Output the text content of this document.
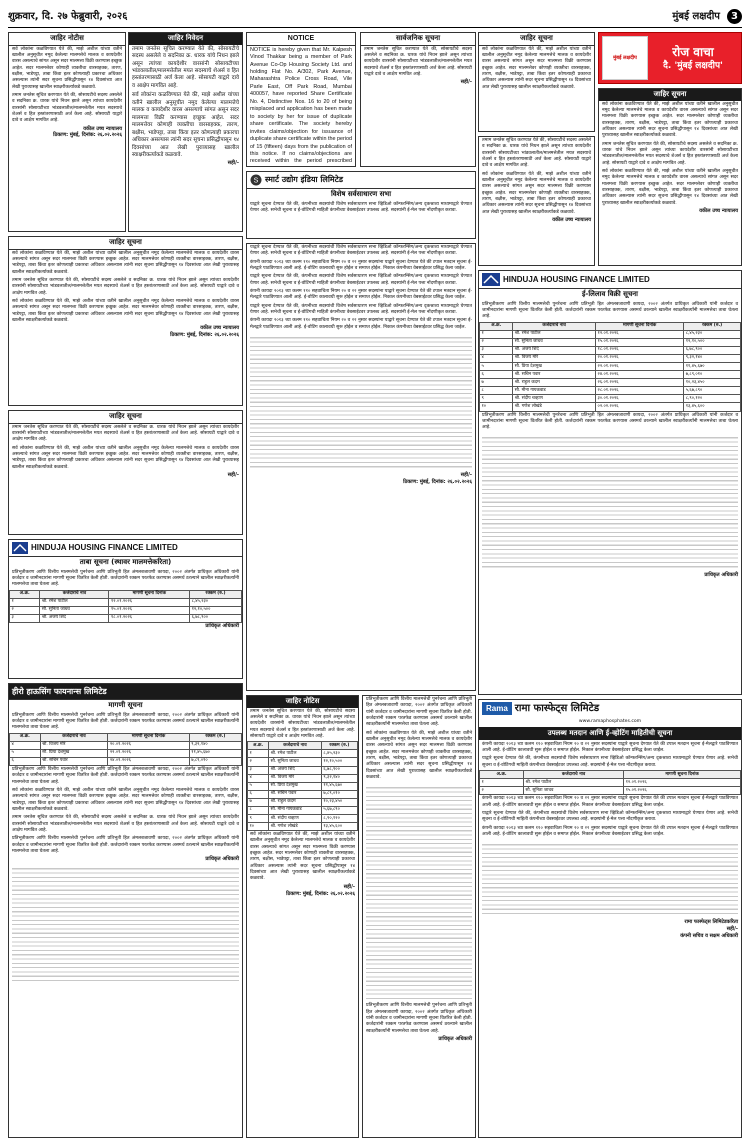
शुक्रवार, दि. २७ फेब्रुवारी, २०२६	मुंबई लक्षदीप	3
जाहिर नोटीस
सर्व लोकांना कळविण्यात येते की, माझे अशील यांच्या वतीने खालील अनुसूचीत नमूद केलेल्या मालमत्तेचे मालक व कायदेशीर वारस असल्याचे सांगत असून सदर मालमत्ता विक्री करण्यास इच्छुक आहेत. सदर मालमत्तेवर कोणाही व्यक्तीचा वारसाहक्क, तारण, बक्षीस, भाडेपट्टा, ताबा किंवा इतर कोणत्याही प्रकारचा अधिकार असल्यास त्यांनी सदर सूचना प्रसिद्धीपासून १४ दिवसांच्या आत लेखी पुराव्यासह खालील स्वाक्षरीकर्त्याकडे कळवावे.
तमाम जनतेस सूचित करण्यात येते की, सोसायटीचे सदस्य असलेले व सदनिका क्र. धारक यांचे निधन झाले असून त्यांच्या कायदेशीर वारसांनी सोसायटीच्या भांडवलातील/मालमत्तेतील मयत सदस्याचे शेअर्स व हित हस्तांतरणासाठी अर्ज केला आहे. सोसायटी याद्वारे दावे व आक्षेप मागवित आहे.
वकील उच्च न्यायालय
ठिकाण: मुंबई, दिनांक: २६.०२.२०२६
जाहिर सूचना
सर्व लोकांना कळविण्यात येते की, माझे अशील यांच्या वतीने खालील अनुसूचीत नमूद केलेल्या मालमत्तेचे मालक व कायदेशीर वारस असल्याचे सांगत असून सदर मालमत्ता विक्री करण्यास इच्छुक आहेत. सदर मालमत्तेवर कोणाही व्यक्तीचा वारसाहक्क, तारण, बक्षीस, भाडेपट्टा, ताबा किंवा इतर कोणत्याही प्रकारचा अधिकार असल्यास त्यांनी सदर सूचना प्रसिद्धीपासून १४ दिवसांच्या आत लेखी पुराव्यासह खालील स्वाक्षरीकर्त्याकडे कळवावे.
तमाम जनतेस सूचित करण्यात येते की, सोसायटीचे सदस्य असलेले व सदनिका क्र. धारक यांचे निधन झाले असून त्यांच्या कायदेशीर वारसांनी सोसायटीच्या भांडवलातील/मालमत्तेतील मयत सदस्याचे शेअर्स व हित हस्तांतरणासाठी अर्ज केला आहे. सोसायटी याद्वारे दावे व आक्षेप मागवित आहे.
सर्व लोकांना कळविण्यात येते की, माझे अशील यांच्या वतीने खालील अनुसूचीत नमूद केलेल्या मालमत्तेचे मालक व कायदेशीर वारस असल्याचे सांगत असून सदर मालमत्ता विक्री करण्यास इच्छुक आहेत. सदर मालमत्तेवर कोणाही व्यक्तीचा वारसाहक्क, तारण, बक्षीस, भाडेपट्टा, ताबा किंवा इतर कोणत्याही प्रकारचा अधिकार असल्यास त्यांनी सदर सूचना प्रसिद्धीपासून १४ दिवसांच्या आत लेखी पुराव्यासह खालील स्वाक्षरीकर्त्याकडे कळवावे.
वकील उच्च न्यायालय
ठिकाण: मुंबई, दिनांक: २६.०२.२०२६
जाहिर सूचना
तमाम जनतेस सूचित करण्यात येते की, सोसायटीचे सदस्य असलेले व सदनिका क्र. धारक यांचे निधन झाले असून त्यांच्या कायदेशीर वारसांनी सोसायटीच्या भांडवलातील/मालमत्तेतील मयत सदस्याचे शेअर्स व हित हस्तांतरणासाठी अर्ज केला आहे. सोसायटी याद्वारे दावे व आक्षेप मागवित आहे.
सर्व लोकांना कळविण्यात येते की, माझे अशील यांच्या वतीने खालील अनुसूचीत नमूद केलेल्या मालमत्तेचे मालक व कायदेशीर वारस असल्याचे सांगत असून सदर मालमत्ता विक्री करण्यास इच्छुक आहेत. सदर मालमत्तेवर कोणाही व्यक्तीचा वारसाहक्क, तारण, बक्षीस, भाडेपट्टा, ताबा किंवा इतर कोणत्याही प्रकारचा अधिकार असल्यास त्यांनी सदर सूचना प्रसिद्धीपासून १४ दिवसांच्या आत लेखी पुराव्यासह खालील स्वाक्षरीकर्त्याकडे कळवावे.
सही/-
HINDUJA HOUSING FINANCE LIMITED
ताबा सूचना (स्थावर मालमत्तेकरिता)
प्रतिभूतीकरण आणि वित्तीय मालमत्तेची पुनर्रचना आणि प्रतिभूती हित अंमलबजावणी कायदा, २००२ अंतर्गत प्राधिकृत अधिकारी यांनी कर्जदार व जामीनदारांना मागणी सूचना वितरित केली होती. कर्जदारांनी रक्कम परतफेड करण्यास असमर्थ ठरल्याने खालील स्वाक्षरीकर्त्यांनी मालमत्तेचा ताबा घेतला आहे.
अ.क्र.	कर्जदाराचे नाव	मागणी सूचना दिनांक	रक्कम (रु.)
१	श्री. रमेश पाटील	१२.०१.२०२६	८,४५,२३०
२	सौ. सुनिता जाधव	१५.०१.२०२६	१२,१०,५००
३	श्री. अजय शिंदे	१८.०१.२०२६	६,७८,९००
प्राधिकृत अधिकारी
हीरो हाऊसिंग फायनान्स लिमिटेड
मागणी सूचना
प्रतिभूतीकरण आणि वित्तीय मालमत्तेची पुनर्रचना आणि प्रतिभूती हित अंमलबजावणी कायदा, २००२ अंतर्गत प्राधिकृत अधिकारी यांनी कर्जदार व जामीनदारांना मागणी सूचना वितरित केली होती. कर्जदारांनी रक्कम परतफेड करण्यास असमर्थ ठरल्याने खालील स्वाक्षरीकर्त्यांनी मालमत्तेचा ताबा घेतला आहे.
अ.क्र.	कर्जदाराचे नाव	मागणी सूचना दिनांक	रक्कम (रु.)
४	श्री. विजय मोरे	२०.०१.२०२६	९,३२,१४०
५	सौ. प्रिया देशमुख	२२.०१.२०२६	११,४५,६७०
६	श्री. सचिन पवार	२४.०१.२०२६	७,८९,०१०
प्रतिभूतीकरण आणि वित्तीय मालमत्तेची पुनर्रचना आणि प्रतिभूती हित अंमलबजावणी कायदा, २००२ अंतर्गत प्राधिकृत अधिकारी यांनी कर्जदार व जामीनदारांना मागणी सूचना वितरित केली होती. कर्जदारांनी रक्कम परतफेड करण्यास असमर्थ ठरल्याने खालील स्वाक्षरीकर्त्यांनी मालमत्तेचा ताबा घेतला आहे.
सर्व लोकांना कळविण्यात येते की, माझे अशील यांच्या वतीने खालील अनुसूचीत नमूद केलेल्या मालमत्तेचे मालक व कायदेशीर वारस असल्याचे सांगत असून सदर मालमत्ता विक्री करण्यास इच्छुक आहेत. सदर मालमत्तेवर कोणाही व्यक्तीचा वारसाहक्क, तारण, बक्षीस, भाडेपट्टा, ताबा किंवा इतर कोणत्याही प्रकारचा अधिकार असल्यास त्यांनी सदर सूचना प्रसिद्धीपासून १४ दिवसांच्या आत लेखी पुराव्यासह खालील स्वाक्षरीकर्त्याकडे कळवावे.
तमाम जनतेस सूचित करण्यात येते की, सोसायटीचे सदस्य असलेले व सदनिका क्र. धारक यांचे निधन झाले असून त्यांच्या कायदेशीर वारसांनी सोसायटीच्या भांडवलातील/मालमत्तेतील मयत सदस्याचे शेअर्स व हित हस्तांतरणासाठी अर्ज केला आहे. सोसायटी याद्वारे दावे व आक्षेप मागवित आहे.
प्रतिभूतीकरण आणि वित्तीय मालमत्तेची पुनर्रचना आणि प्रतिभूती हित अंमलबजावणी कायदा, २००२ अंतर्गत प्राधिकृत अधिकारी यांनी कर्जदार व जामीनदारांना मागणी सूचना वितरित केली होती. कर्जदारांनी रक्कम परतफेड करण्यास असमर्थ ठरल्याने खालील स्वाक्षरीकर्त्यांनी मालमत्तेचा ताबा घेतला आहे.
प्राधिकृत अधिकारी
जाहिर निवेदन
तमाम जनतेस सूचित करण्यात येते की, सोसायटीचे सदस्य असलेले व सदनिका क्र. धारक यांचे निधन झाले असून त्यांच्या कायदेशीर वारसांनी सोसायटीच्या भांडवलातील/मालमत्तेतील मयत सदस्याचे शेअर्स व हित हस्तांतरणासाठी अर्ज केला आहे. सोसायटी याद्वारे दावे व आक्षेप मागवित आहे.
सर्व लोकांना कळविण्यात येते की, माझे अशील यांच्या वतीने खालील अनुसूचीत नमूद केलेल्या मालमत्तेचे मालक व कायदेशीर वारस असल्याचे सांगत असून सदर मालमत्ता विक्री करण्यास इच्छुक आहेत. सदर मालमत्तेवर कोणाही व्यक्तीचा वारसाहक्क, तारण, बक्षीस, भाडेपट्टा, ताबा किंवा इतर कोणत्याही प्रकारचा अधिकार असल्यास त्यांनी सदर सूचना प्रसिद्धीपासून १४ दिवसांच्या आत लेखी पुराव्यासह खालील स्वाक्षरीकर्त्याकडे कळवावे.
सही/-
NOTICE
NOTICE is hereby given that Mr. Kalpesh Vinod Thakkar being a member of Park Avenue Co-Op Housing Society Ltd. and holding Flat No. A/302, Park Avenue, Maharashtra Police Cross Road, Vile Parle East, Off Park Road, Mumbai 400057, have reported Share Certificate No. 4, Distinctive Nos. 16 to 20 of being misplaced and application has been made to society by her for issue of duplicate share certificate. The society hereby invites claims/objection for issuance of duplicate share certificate within the period of 15 (fifteen) days from the publication of this notice. If no claims/objections are received within the period prescribed
S स्मार्ट उद्योग इंडिया लिमिटेड
विशेष सर्वसाधारण सभा
याद्वारे सूचना देण्यात येते की, कंपनीच्या सदस्यांची विशेष सर्वसाधारण सभा व्हिडिओ कॉन्फरन्सिंग/अन्य दृकश्राव्य माध्यमाद्वारे घेण्यात येणार आहे. सभेची सूचना व ई-वोटिंगची माहिती कंपनीच्या वेबसाईटवर उपलब्ध आहे. सदस्यांनी ई-मेल पत्ता नोंदणीकृत करावा.
याद्वारे सूचना देण्यात येते की, कंपनीच्या सदस्यांची विशेष सर्वसाधारण सभा व्हिडिओ कॉन्फरन्सिंग/अन्य दृकश्राव्य माध्यमाद्वारे घेण्यात येणार आहे. सभेची सूचना व ई-वोटिंगची माहिती कंपनीच्या वेबसाईटवर उपलब्ध आहे. सदस्यांनी ई-मेल पत्ता नोंदणीकृत करावा.
कंपनी कायदा २०१३ च्या कलम ११० सहवाचिता नियम २० व २२ नुसार सदस्यांना याद्वारे सूचना देण्यात येते की टपाल मतदान सूचना ई-मेलद्वारे पाठविण्यात आली आहे. ई-वोटिंग कालावधी सुरू होईल व समाप्त होईल. निकाल कंपनीच्या वेबसाईटवर प्रसिद्ध केला जाईल.
याद्वारे सूचना देण्यात येते की, कंपनीच्या सदस्यांची विशेष सर्वसाधारण सभा व्हिडिओ कॉन्फरन्सिंग/अन्य दृकश्राव्य माध्यमाद्वारे घेण्यात येणार आहे. सभेची सूचना व ई-वोटिंगची माहिती कंपनीच्या वेबसाईटवर उपलब्ध आहे. सदस्यांनी ई-मेल पत्ता नोंदणीकृत करावा.
कंपनी कायदा २०१३ च्या कलम ११० सहवाचिता नियम २० व २२ नुसार सदस्यांना याद्वारे सूचना देण्यात येते की टपाल मतदान सूचना ई-मेलद्वारे पाठविण्यात आली आहे. ई-वोटिंग कालावधी सुरू होईल व समाप्त होईल. निकाल कंपनीच्या वेबसाईटवर प्रसिद्ध केला जाईल.
याद्वारे सूचना देण्यात येते की, कंपनीच्या सदस्यांची विशेष सर्वसाधारण सभा व्हिडिओ कॉन्फरन्सिंग/अन्य दृकश्राव्य माध्यमाद्वारे घेण्यात येणार आहे. सभेची सूचना व ई-वोटिंगची माहिती कंपनीच्या वेबसाईटवर उपलब्ध आहे. सदस्यांनी ई-मेल पत्ता नोंदणीकृत करावा.
कंपनी कायदा २०१३ च्या कलम ११० सहवाचिता नियम २० व २२ नुसार सदस्यांना याद्वारे सूचना देण्यात येते की टपाल मतदान सूचना ई-मेलद्वारे पाठविण्यात आली आहे. ई-वोटिंग कालावधी सुरू होईल व समाप्त होईल. निकाल कंपनीच्या वेबसाईटवर प्रसिद्ध केला जाईल.
सही/-
ठिकाण: मुंबई, दिनांक: २६.०२.२०२६
जाहिर नोटिस
तमाम जनतेस सूचित करण्यात येते की, सोसायटीचे सदस्य असलेले व सदनिका क्र. धारक यांचे निधन झाले असून त्यांच्या कायदेशीर वारसांनी सोसायटीच्या भांडवलातील/मालमत्तेतील मयत सदस्याचे शेअर्स व हित हस्तांतरणासाठी अर्ज केला आहे. सोसायटी याद्वारे दावे व आक्षेप मागवित आहे.
अ.क्र.	कर्जदाराचे नाव	रक्कम (रु.)
१	श्री. रमेश पाटील	८,४५,२३०
२	सौ. सुनिता जाधव	१२,१०,५००
३	श्री. अजय शिंदे	६,७८,९००
४	श्री. विजय मोरे	९,३२,१४०
५	सौ. प्रिया देशमुख	११,४५,६७०
६	श्री. सचिन पवार	७,८९,०१०
७	श्री. राहुल कदम	१०,२३,४५०
८	सौ. मीना गायकवाड	५,६७,८९०
९	श्री. संदीप चव्हाण	८,९०,१२०
१०	श्री. गणेश लोखंडे	१३,४५,६००
सर्व लोकांना कळविण्यात येते की, माझे अशील यांच्या वतीने खालील अनुसूचीत नमूद केलेल्या मालमत्तेचे मालक व कायदेशीर वारस असल्याचे सांगत असून सदर मालमत्ता विक्री करण्यास इच्छुक आहेत. सदर मालमत्तेवर कोणाही व्यक्तीचा वारसाहक्क, तारण, बक्षीस, भाडेपट्टा, ताबा किंवा इतर कोणत्याही प्रकारचा अधिकार असल्यास त्यांनी सदर सूचना प्रसिद्धीपासून १४ दिवसांच्या आत लेखी पुराव्यासह खालील स्वाक्षरीकर्त्याकडे कळवावे.
सही/-
ठिकाण: मुंबई, दिनांक: २६.०२.२०२६
सार्वजनिक सूचना
तमाम जनतेस सूचित करण्यात येते की, सोसायटीचे सदस्य असलेले व सदनिका क्र. धारक यांचे निधन झाले असून त्यांच्या कायदेशीर वारसांनी सोसायटीच्या भांडवलातील/मालमत्तेतील मयत सदस्याचे शेअर्स व हित हस्तांतरणासाठी अर्ज केला आहे. सोसायटी याद्वारे दावे व आक्षेप मागवित आहे.
सही/-
प्रतिभूतीकरण आणि वित्तीय मालमत्तेची पुनर्रचना आणि प्रतिभूती हित अंमलबजावणी कायदा, २००२ अंतर्गत प्राधिकृत अधिकारी यांनी कर्जदार व जामीनदारांना मागणी सूचना वितरित केली होती. कर्जदारांनी रक्कम परतफेड करण्यास असमर्थ ठरल्याने खालील स्वाक्षरीकर्त्यांनी मालमत्तेचा ताबा घेतला आहे.
सर्व लोकांना कळविण्यात येते की, माझे अशील यांच्या वतीने खालील अनुसूचीत नमूद केलेल्या मालमत्तेचे मालक व कायदेशीर वारस असल्याचे सांगत असून सदर मालमत्ता विक्री करण्यास इच्छुक आहेत. सदर मालमत्तेवर कोणाही व्यक्तीचा वारसाहक्क, तारण, बक्षीस, भाडेपट्टा, ताबा किंवा इतर कोणत्याही प्रकारचा अधिकार असल्यास त्यांनी सदर सूचना प्रसिद्धीपासून १४ दिवसांच्या आत लेखी पुराव्यासह खालील स्वाक्षरीकर्त्याकडे कळवावे.
प्रतिभूतीकरण आणि वित्तीय मालमत्तेची पुनर्रचना आणि प्रतिभूती हित अंमलबजावणी कायदा, २००२ अंतर्गत प्राधिकृत अधिकारी यांनी कर्जदार व जामीनदारांना मागणी सूचना वितरित केली होती. कर्जदारांनी रक्कम परतफेड करण्यास असमर्थ ठरल्याने खालील स्वाक्षरीकर्त्यांनी मालमत्तेचा ताबा घेतला आहे.
प्राधिकृत अधिकारी
जाहिर सूचना
सर्व लोकांना कळविण्यात येते की, माझे अशील यांच्या वतीने खालील अनुसूचीत नमूद केलेल्या मालमत्तेचे मालक व कायदेशीर वारस असल्याचे सांगत असून सदर मालमत्ता विक्री करण्यास इच्छुक आहेत. सदर मालमत्तेवर कोणाही व्यक्तीचा वारसाहक्क, तारण, बक्षीस, भाडेपट्टा, ताबा किंवा इतर कोणत्याही प्रकारचा अधिकार असल्यास त्यांनी सदर सूचना प्रसिद्धीपासून १४ दिवसांच्या आत लेखी पुराव्यासह खालील स्वाक्षरीकर्त्याकडे कळवावे.
तमाम जनतेस सूचित करण्यात येते की, सोसायटीचे सदस्य असलेले व सदनिका क्र. धारक यांचे निधन झाले असून त्यांच्या कायदेशीर वारसांनी सोसायटीच्या भांडवलातील/मालमत्तेतील मयत सदस्याचे शेअर्स व हित हस्तांतरणासाठी अर्ज केला आहे. सोसायटी याद्वारे दावे व आक्षेप मागवित आहे.
सर्व लोकांना कळविण्यात येते की, माझे अशील यांच्या वतीने खालील अनुसूचीत नमूद केलेल्या मालमत्तेचे मालक व कायदेशीर वारस असल्याचे सांगत असून सदर मालमत्ता विक्री करण्यास इच्छुक आहेत. सदर मालमत्तेवर कोणाही व्यक्तीचा वारसाहक्क, तारण, बक्षीस, भाडेपट्टा, ताबा किंवा इतर कोणत्याही प्रकारचा अधिकार असल्यास त्यांनी सदर सूचना प्रसिद्धीपासून १४ दिवसांच्या आत लेखी पुराव्यासह खालील स्वाक्षरीकर्त्याकडे कळवावे.
वकील उच्च न्यायालय
HINDUJA HOUSING FINANCE LIMITED
ई-लिलाव विक्री सूचना
प्रतिभूतीकरण आणि वित्तीय मालमत्तेची पुनर्रचना आणि प्रतिभूती हित अंमलबजावणी कायदा, २००२ अंतर्गत प्राधिकृत अधिकारी यांनी कर्जदार व जामीनदारांना मागणी सूचना वितरित केली होती. कर्जदारांनी रक्कम परतफेड करण्यास असमर्थ ठरल्याने खालील स्वाक्षरीकर्त्यांनी मालमत्तेचा ताबा घेतला आहे.
अ.क्र.	कर्जदाराचे नाव	मागणी सूचना दिनांक	रक्कम (रु.)
१	श्री. रमेश पाटील	१२.०१.२०२६	८,४५,२३०
२	सौ. सुनिता जाधव	१५.०१.२०२६	१२,१०,५००
३	श्री. अजय शिंदे	१८.०१.२०२६	६,७८,९००
४	श्री. विजय मोरे	२०.०१.२०२६	९,३२,१४०
५	सौ. प्रिया देशमुख	२२.०१.२०२६	११,४५,६७०
६	श्री. सचिन पवार	२४.०१.२०२६	७,८९,०१०
७	श्री. राहुल कदम	२६.०१.२०२६	१०,२३,४५०
८	सौ. मीना गायकवाड	२८.०१.२०२६	५,६७,८९०
९	श्री. संदीप चव्हाण	३०.०१.२०२६	८,९०,१२०
१०	श्री. गणेश लोखंडे	०२.०२.२०२६	१३,४५,६००
प्रतिभूतीकरण आणि वित्तीय मालमत्तेची पुनर्रचना आणि प्रतिभूती हित अंमलबजावणी कायदा, २००२ अंतर्गत प्राधिकृत अधिकारी यांनी कर्जदार व जामीनदारांना मागणी सूचना वितरित केली होती. कर्जदारांनी रक्कम परतफेड करण्यास असमर्थ ठरल्याने खालील स्वाक्षरीकर्त्यांनी मालमत्तेचा ताबा घेतला आहे.
प्राधिकृत अधिकारी
मुंबई लक्षदीप	रोज वाचा
दै. 'मुंबई लक्षदीप'
जाहिर सूचना
सर्व लोकांना कळविण्यात येते की, माझे अशील यांच्या वतीने खालील अनुसूचीत नमूद केलेल्या मालमत्तेचे मालक व कायदेशीर वारस असल्याचे सांगत असून सदर मालमत्ता विक्री करण्यास इच्छुक आहेत. सदर मालमत्तेवर कोणाही व्यक्तीचा वारसाहक्क, तारण, बक्षीस, भाडेपट्टा, ताबा किंवा इतर कोणत्याही प्रकारचा अधिकार असल्यास त्यांनी सदर सूचना प्रसिद्धीपासून १४ दिवसांच्या आत लेखी पुराव्यासह खालील स्वाक्षरीकर्त्याकडे कळवावे.
तमाम जनतेस सूचित करण्यात येते की, सोसायटीचे सदस्य असलेले व सदनिका क्र. धारक यांचे निधन झाले असून त्यांच्या कायदेशीर वारसांनी सोसायटीच्या भांडवलातील/मालमत्तेतील मयत सदस्याचे शेअर्स व हित हस्तांतरणासाठी अर्ज केला आहे. सोसायटी याद्वारे दावे व आक्षेप मागवित आहे.
सर्व लोकांना कळविण्यात येते की, माझे अशील यांच्या वतीने खालील अनुसूचीत नमूद केलेल्या मालमत्तेचे मालक व कायदेशीर वारस असल्याचे सांगत असून सदर मालमत्ता विक्री करण्यास इच्छुक आहेत. सदर मालमत्तेवर कोणाही व्यक्तीचा वारसाहक्क, तारण, बक्षीस, भाडेपट्टा, ताबा किंवा इतर कोणत्याही प्रकारचा अधिकार असल्यास त्यांनी सदर सूचना प्रसिद्धीपासून १४ दिवसांच्या आत लेखी पुराव्यासह खालील स्वाक्षरीकर्त्याकडे कळवावे.
वकील उच्च न्यायालय
Rama रामा फास्फेट्स लिमिटेड
www.ramaphosphates.com
उपलब्ध मतदान आणि ई-व्होटिंग माहितीची सूचना
कंपनी कायदा २०१३ च्या कलम ११० सहवाचिता नियम २० व २२ नुसार सदस्यांना याद्वारे सूचना देण्यात येते की टपाल मतदान सूचना ई-मेलद्वारे पाठविण्यात आली आहे. ई-वोटिंग कालावधी सुरू होईल व समाप्त होईल. निकाल कंपनीच्या वेबसाईटवर प्रसिद्ध केला जाईल.
याद्वारे सूचना देण्यात येते की, कंपनीच्या सदस्यांची विशेष सर्वसाधारण सभा व्हिडिओ कॉन्फरन्सिंग/अन्य दृकश्राव्य माध्यमाद्वारे घेण्यात येणार आहे. सभेची सूचना व ई-वोटिंगची माहिती कंपनीच्या वेबसाईटवर उपलब्ध आहे. सदस्यांनी ई-मेल पत्ता नोंदणीकृत करावा.
अ.क्र.	कर्जदाराचे नाव	मागणी सूचना दिनांक
१	श्री. रमेश पाटील	१२.०१.२०२६
२	सौ. सुनिता जाधव	१५.०१.२०२६
कंपनी कायदा २०१३ च्या कलम ११० सहवाचिता नियम २० व २२ नुसार सदस्यांना याद्वारे सूचना देण्यात येते की टपाल मतदान सूचना ई-मेलद्वारे पाठविण्यात आली आहे. ई-वोटिंग कालावधी सुरू होईल व समाप्त होईल. निकाल कंपनीच्या वेबसाईटवर प्रसिद्ध केला जाईल.
याद्वारे सूचना देण्यात येते की, कंपनीच्या सदस्यांची विशेष सर्वसाधारण सभा व्हिडिओ कॉन्फरन्सिंग/अन्य दृकश्राव्य माध्यमाद्वारे घेण्यात येणार आहे. सभेची सूचना व ई-वोटिंगची माहिती कंपनीच्या वेबसाईटवर उपलब्ध आहे. सदस्यांनी ई-मेल पत्ता नोंदणीकृत करावा.
कंपनी कायदा २०१३ च्या कलम ११० सहवाचिता नियम २० व २२ नुसार सदस्यांना याद्वारे सूचना देण्यात येते की टपाल मतदान सूचना ई-मेलद्वारे पाठविण्यात आली आहे. ई-वोटिंग कालावधी सुरू होईल व समाप्त होईल. निकाल कंपनीच्या वेबसाईटवर प्रसिद्ध केला जाईल.
रामा फास्फेट्स लिमिटेडकरिता
सही/-
कंपनी सचिव व सक्षम अधिकारी
